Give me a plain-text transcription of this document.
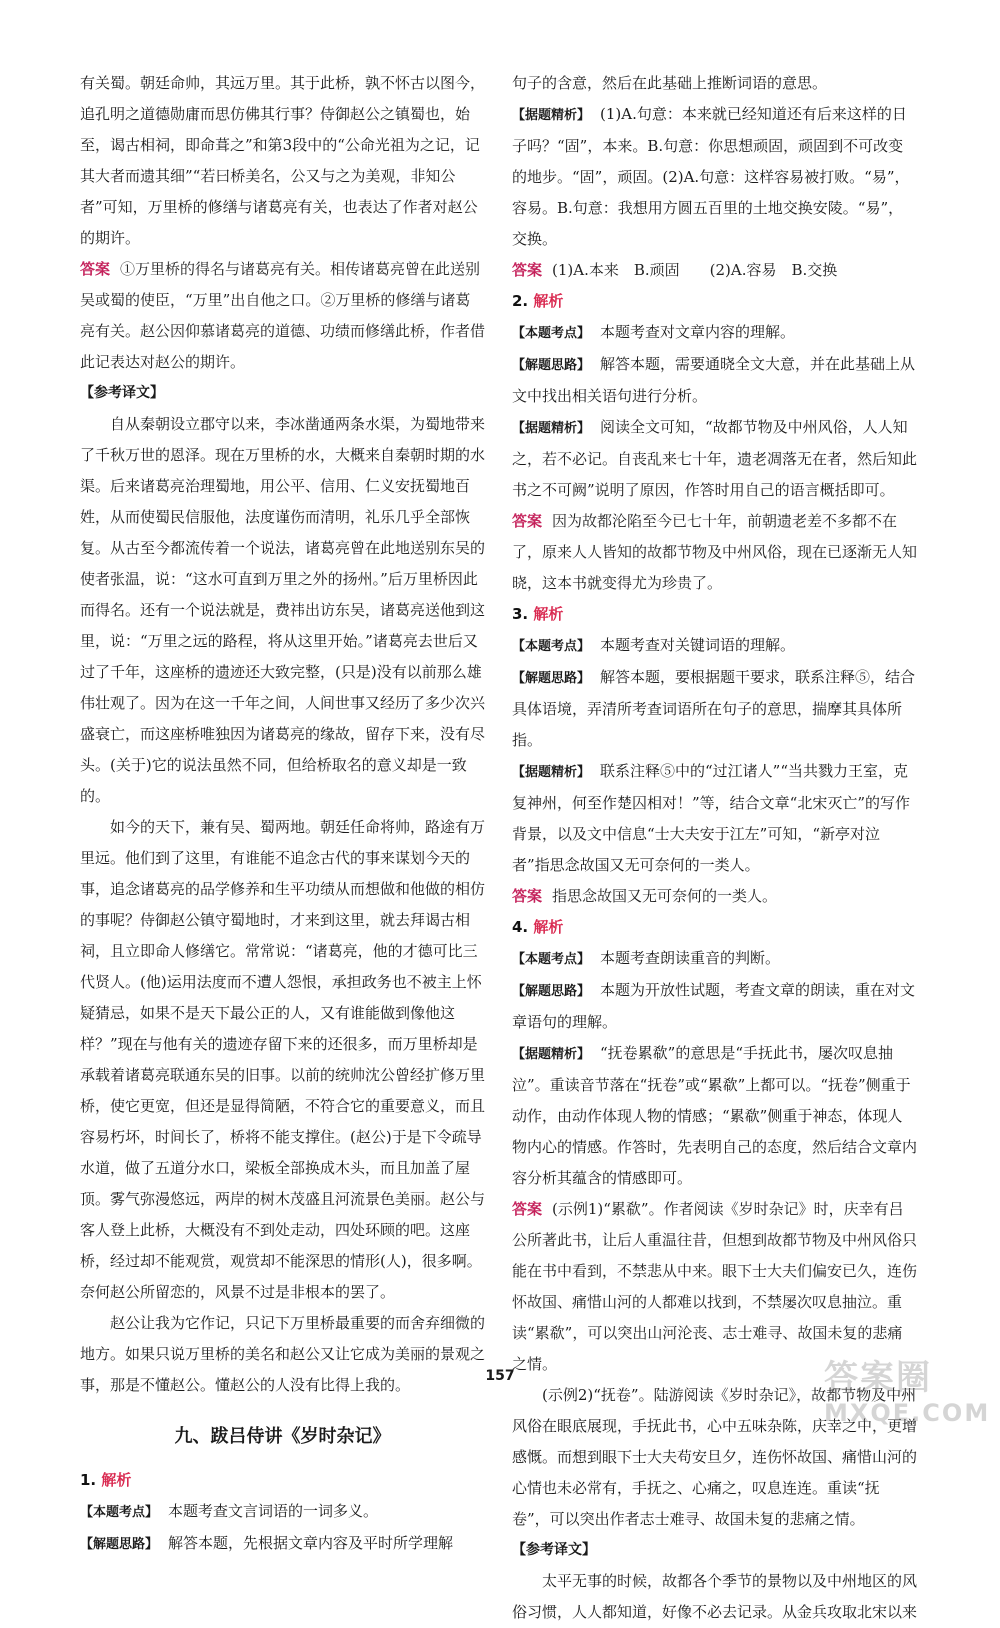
有关蜀。朝廷命帅，其远万里。其于此桥，孰不怀古以图今，追孔明之道德勋庸而思仿佛其行事？侍御赵公之镇蜀也，始至，谒古相祠，即命葺之”和第3段中的“公命光祖为之记，记其大者而遗其细”“若曰桥美名，公又与之为美观，非知公者”可知，万里桥的修缮与诸葛亮有关，也表达了作者对赵公的期许。

答案 ①万里桥的得名与诸葛亮有关。相传诸葛亮曾在此送别吴或蜀的使臣，“万里”出自他之口。②万里桥的修缮与诸葛亮有关。赵公因仰慕诸葛亮的道德、功绩而修缮此桥，作者借此记表达对赵公的期许。

【参考译文】

自从秦朝设立郡守以来，李冰凿通两条水渠，为蜀地带来了千秋万世的恩泽。现在万里桥的水，大概来自秦朝时期的水渠。后来诸葛亮治理蜀地，用公平、信用、仁义安抚蜀地百姓，从而使蜀民信服他，法度谨伤而清明，礼乐几乎全部恢复。从古至今都流传着一个说法，诸葛亮曾在此地送别东吴的使者张温，说：“这水可直到万里之外的扬州。”后万里桥因此而得名。还有一个说法就是，费祎出访东吴，诸葛亮送他到这里，说：“万里之远的路程，将从这里开始。”诸葛亮去世后又过了千年，这座桥的遗迹还大致完整，(只是)没有以前那么雄伟壮观了。因为在这一千年之间，人间世事又经历了多少次兴盛衰亡，而这座桥唯独因为诸葛亮的缘故，留存下来，没有尽头。(关于)它的说法虽然不同，但给桥取名的意义却是一致的。

如今的天下，兼有吴、蜀两地。朝廷任命将帅，路途有万里远。他们到了这里，有谁能不追念古代的事来谋划今天的事，追念诸葛亮的品学修养和生平功绩从而想做和他做的相仿的事呢？侍御赵公镇守蜀地时，才来到这里，就去拜谒古相祠，且立即命人修缮它。常常说：“诸葛亮，他的才德可比三代贤人。(他)运用法度而不遭人怨恨，承担政务也不被主上怀疑猜忌，如果不是天下最公正的人，又有谁能做到像他这样？”现在与他有关的遗迹存留下来的还很多，而万里桥却是承载着诸葛亮联通东吴的旧事。以前的统帅沈公曾经扩修万里桥，使它更宽，但还是显得简陋，不符合它的重要意义，而且容易朽坏，时间长了，桥将不能支撑住。(赵公)于是下令疏导水道，做了五道分水口，梁板全部换成木头，而且加盖了屋顶。雾气弥漫悠远，两岸的树木茂盛且河流景色美丽。赵公与客人登上此桥，大概没有不到处走动，四处环顾的吧。这座桥，经过却不能观赏，观赏却不能深思的情形(人)，很多啊。奈何赵公所留恋的，风景不过是非根本的罢了。

赵公让我为它作记，只记下万里桥最重要的而舍弃细微的地方。如果只说万里桥的美名和赵公又让它成为美丽的景观之事，那是不懂赵公。懂赵公的人没有比得上我的。

九、跋吕侍讲《岁时杂记》

1. 解析

【本题考点】 本题考查文言词语的一词多义。

【解题思路】 解答本题，先根据文章内容及平时所学理解

句子的含意，然后在此基础上推断词语的意思。

【据题精析】 (1)A.句意：本来就已经知道还有后来这样的日子吗？“固”，本来。B.句意：你思想顽固，顽固到不可改变的地步。“固”，顽固。(2)A.句意：这样容易被打败。“易”，容易。B.句意：我想用方圆五百里的土地交换安陵。“易”，交换。

答案 (1)A.本来　B.顽固　　(2)A.容易　B.交换

2. 解析

【本题考点】 本题考查对文章内容的理解。

【解题思路】 解答本题，需要通晓全文大意，并在此基础上从文中找出相关语句进行分析。

【据题精析】 阅读全文可知，“故都节物及中州风俗，人人知之，若不必记。自丧乱来七十年，遗老凋落无在者，然后知此书之不可阙”说明了原因，作答时用自己的语言概括即可。

答案 因为故都沦陷至今已七十年，前朝遗老差不多都不在了，原来人人皆知的故都节物及中州风俗，现在已逐渐无人知晓，这本书就变得尤为珍贵了。

3. 解析

【本题考点】 本题考查对关键词语的理解。

【解题思路】 解答本题，要根据题干要求，联系注释⑤，结合具体语境，弄清所考查词语所在句子的意思，揣摩其具体所指。

【据题精析】 联系注释⑤中的“过江诸人”“当共戮力王室，克复神州，何至作楚囚相对！”等，结合文章“北宋灭亡”的写作背景，以及文中信息“士大夫安于江左”可知，“新亭对泣者”指思念故国又无可奈何的一类人。

答案 指思念故国又无可奈何的一类人。

4. 解析

【本题考点】 本题考查朗读重音的判断。

【解题思路】 本题为开放性试题，考查文章的朗读，重在对文章语句的理解。

【据题精析】 “抚卷累欷”的意思是“手抚此书，屡次叹息抽泣”。重读音节落在“抚卷”或“累欷”上都可以。“抚卷”侧重于动作，由动作体现人物的情感；“累欷”侧重于神态，体现人物内心的情感。作答时，先表明自己的态度，然后结合文章内容分析其蕴含的情感即可。

答案 (示例1)“累欷”。作者阅读《岁时杂记》时，庆幸有吕公所著此书，让后人重温往昔，但想到故都节物及中州风俗只能在书中看到，不禁悲从中来。眼下士大夫们偏安已久，连伤怀故国、痛惜山河的人都难以找到，不禁屡次叹息抽泣。重读“累欷”，可以突出山河沦丧、志士难寻、故国未复的悲痛之情。

(示例2)“抚卷”。陆游阅读《岁时杂记》，故都节物及中州风俗在眼底展现，手抚此书，心中五味杂陈，庆幸之中，更增感慨。而想到眼下士大夫苟安旦夕，连伤怀故国、痛惜山河的心情也未必常有，手抚之、心痛之，叹息连连。重读“抚卷”，可以突出作者志士难寻、故国未复的悲痛之情。

【参考译文】

太平无事的时候，故都各个季节的景物以及中州地区的风俗习惯，人人都知道，好像不必去记录。从金兵攻取北宋以来

157	答案圈
MXQE.COM
